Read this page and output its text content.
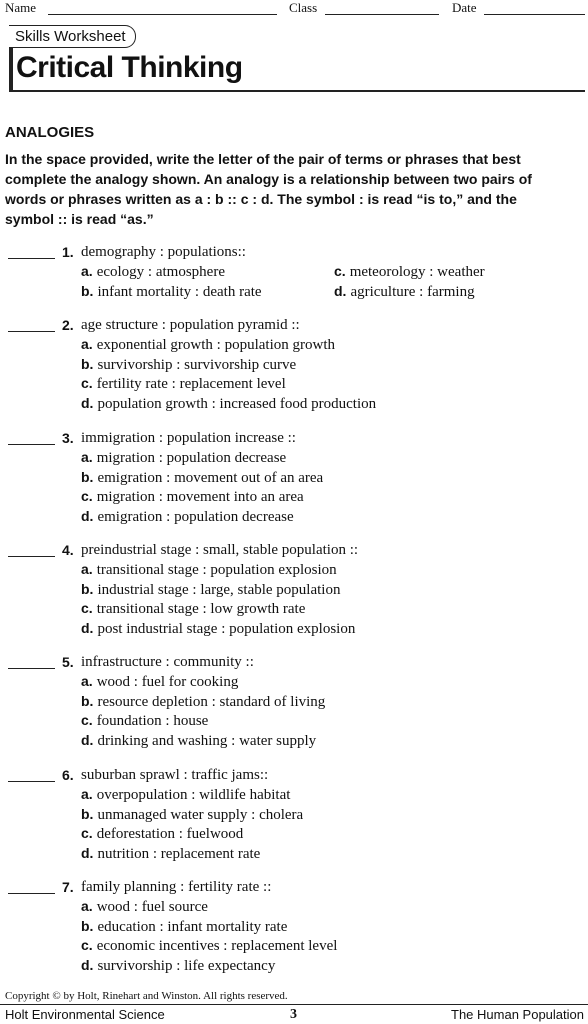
Name	Class	Date
Skills Worksheet
Critical Thinking
ANALOGIES
In the space provided, write the letter of the pair of terms or phrases that best complete the analogy shown. An analogy is a relationship between two pairs of words or phrases written as a : b :: c : d. The symbol : is read “is to,” and the symbol :: is read “as.”
1. demography : populations::
a. ecology : atmosphere
b. infant mortality : death rate
c. meteorology : weather
d. agriculture : farming
2. age structure : population pyramid ::
a. exponential growth : population growth
b. survivorship : survivorship curve
c. fertility rate : replacement level
d. population growth : increased food production
3. immigration : population increase ::
a. migration : population decrease
b. emigration : movement out of an area
c. migration : movement into an area
d. emigration : population decrease
4. preindustrial stage : small, stable population ::
a. transitional stage : population explosion
b. industrial stage : large, stable population
c. transitional stage : low growth rate
d. post industrial stage : population explosion
5. infrastructure : community ::
a. wood : fuel for cooking
b. resource depletion : standard of living
c. foundation : house
d. drinking and washing : water supply
6. suburban sprawl : traffic jams::
a. overpopulation : wildlife habitat
b. unmanaged water supply : cholera
c. deforestation : fuelwood
d. nutrition : replacement rate
7. family planning : fertility rate ::
a. wood : fuel source
b. education : infant mortality rate
c. economic incentives : replacement level
d. survivorship : life expectancy
Copyright © by Holt, Rinehart and Winston. All rights reserved.
Holt Environmental Science	3	The Human Population
